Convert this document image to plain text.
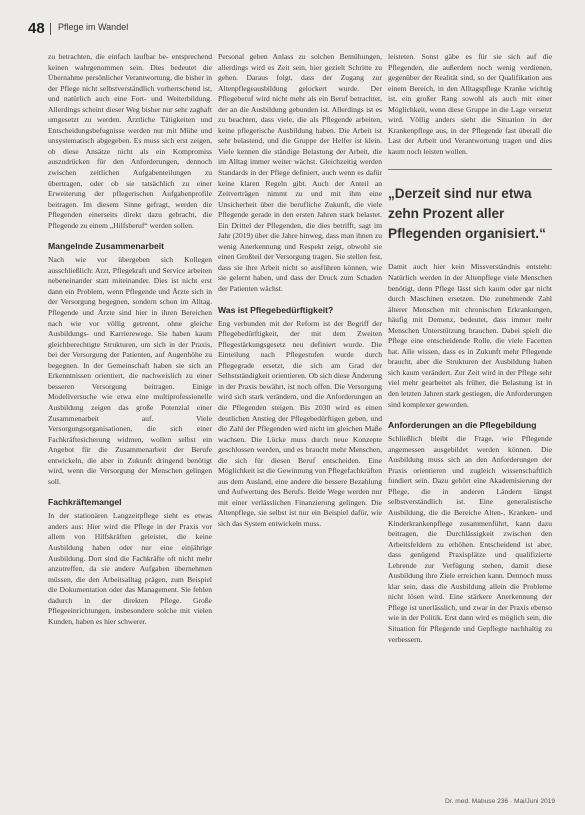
48 Pflege im Wandel

zu betrachten, die einfach laufbar be- entsprechend keinen wahrgenommen sein. Dies bedeutet die Übernahme persönlicher Verantwortung, die bisher in der Pflege nicht selbstverständlich vorherrschend ist, und natürlich auch eine Fort- und Weiterbildung. Allerdings scheint dieser Weg bisher nur sehr zaghaft umgesetzt zu werden. Ärztliche Tätigkeiten und Entscheidungsbefugnisse werden nur mit Mühe und unsystematisch abgegeben. Es muss sich erst zeigen, ob diese Ansätze nicht als ein Kompromiss auszudrücken für den Anforderungen, dennoch zwischen zeitlichen Aufgabenteilungen zu übertragen, oder ob sie tatsächlich zu einer Erweiterung der pflegerischen Aufgabenprofile beitragen. Im diesem Sinne gefragt, werden die Pflegenden einerseits direkt dazu gebracht, die Pflegende zu einem „Hilfsberuf“ werden sollen.

Mangelnde Zusammenarbeit

Nach wie vor übergeben sich Kollegen ausschließlich: Arzt, Pflegekraft und Service arbeiten nebeneinander statt miteinander. Dies ist nicht erst dann ein Problem, wenn Pflegende und Ärzte sich in der Versorgung begegnen, sondern schon im Alltag. Pflegende und Ärzte sind hier in ihren Bereichen nach wie vor völlig getrennt, ohne gleiche Ausbildungs- und Karrierewege. Sie haben kaum gleichberechtigte Strukturen, um sich in der Praxis, bei der Versorgung der Patienten, auf Augenhöhe zu begegnen. In der Gemeinschaft haben sie sich an Erkenntnissen orientiert, die nachweislich zu einer besseren Versorgung beitragen. Einige Modellversuche wie etwa eine multiprofessionelle Ausbildung zeigen das große Potenzial einer Zusammenarbeit auf. Viele Versorgungsorganisationen, die sich einer Fachkräftesicherung widmen, wollen selbst ein Angebot für die Zusammenarbeit der Berufe entwickeln, die aber in Zukunft dringend benötigt wird, wenn die Versorgung der Menschen gelingen soll.

Fachkräftemangel

In der stationären Langzeitpflege sieht es etwas anders aus: Hier wird die Pflege in der Praxis vor allem von Hilfskräften geleistet, die keine Ausbildung haben oder nur eine einjährige Ausbildung. Dort sind die Fachkräfte oft nicht mehr anzutreffen, da sie andere Aufgaben übernehmen müssen, die den Arbeitsalltag prägen, zum Beispiel die Dokumentation oder das Management. Sie fehlen dadurch in der direkten Pflege. Große Pflegeeinrichtungen, insbesondere solche mit vielen Kunden, haben es hier schwerer.

Personal geben Anlass zu solchen Bemühungen, allerdings wird es Zeit sein, hier gezielt Schritte zu gehen. Daraus folgt, dass der Zugang zur Altenpflegeausbildung gelockert wurde. Der Pflegeberuf wird nicht mehr als ein Beruf betrachtet, der an die Ausbildung gebunden ist. Allerdings ist es zu beachten, dass viele, die als Pflegende arbeiten, keine pflegerische Ausbildung haben. Die Arbeit ist sehr belastend, und die Gruppe der Helfer ist klein. Viele kennen die ständige Belastung der Arbeit, die im Alltag immer weiter wächst. Gleichzeitig werden Standards in der Pflege definiert, auch wenn es dafür keine klaren Regeln gibt. Auch der Anteil an Zeitverträgen nimmt zu und mit ihm eine Unsicherheit über die berufliche Zukunft, die viele Pflegende gerade in den ersten Jahren stark belastet. Ein Drittel der Pflegenden, die dies betrifft, sagt im Jahr (2019) über die Jahre hinweg, dass man ihnen zu wenig Anerkennung und Respekt zeigt, obwohl sie einen Großteil der Versorgung tragen. Sie stellen fest, dass sie ihre Arbeit nicht so ausführen können, wie sie gelernt haben, und dass der Druck zum Schaden der Patienten wächst.

Was ist Pflegebedürftigkeit?

Eng verbunden mit der Reform ist der Begriff der Pflegebedürftigkeit, der mit dem Zweiten Pflegestärkungsgesetz neu definiert wurde. Die Einteilung nach Pflegestufen wurde durch Pflegegrade ersetzt, die sich am Grad der Selbstständigkeit orientieren. Ob sich diese Änderung in der Praxis bewährt, ist noch offen. Die Versorgung wird sich stark verändern, und die Anforderungen an die Pflegenden steigen. Bis 2030 wird es einen deutlichen Anstieg der Pflegebedürftigen geben, und die Zahl der Pflegenden wird nicht im gleichen Maße wachsen. Die Lücke muss durch neue Konzepte geschlossen werden, und es braucht mehr Menschen, die sich für diesen Beruf entscheiden. Eine Möglichkeit ist die Gewinnung von Pflegefachkräften aus dem Ausland, eine andere die bessere Bezahlung und Aufwertung des Berufs. Beide Wege werden nur mit einer verlässlichen Finanzierung gelingen. Die Altenpflege, sie selbst ist nur ein Beispiel dafür, wie sich das System entwickeln muss.

leisteten. Sonst gäbe es für sie sich auf die Pflegenden, die außerdem noch wenig verdienen, gegenüber der Realität sind, so der Qualifikation aus einem Bereich, in den Alltagspflege Kranke wichtig ist, ein großer Rang sowohl als auch mit einer Möglichkeit, wenn diese Gruppe in die Lage versetzt wird. Völlig anders sieht die Situation in der Krankenpflege aus, in der Pflegende fast überall die Last der Arbeit und Verantwortung tragen und dies kaum noch leisten wollen.

„Derzeit sind nur etwa zehn Prozent aller Pflegenden organisiert.“

Damit auch hier kein Missverständnis entsteht: Natürlich werden in der Altenpflege viele Menschen benötigt, denn Pflege lässt sich kaum oder gar nicht durch Maschinen ersetzen. Die zunehmende Zahl älterer Menschen mit chronischen Erkrankungen, häufig mit Demenz, bedeutet, dass immer mehr Menschen Unterstützung brauchen. Dabei spielt die Pflege eine entscheidende Rolle, die viele Facetten hat. Alle wissen, dass es in Zukunft mehr Pflegende braucht, aber die Strukturen der Ausbildung haben sich kaum verändert. Zur Zeit wird in der Pflege sehr viel mehr gearbeitet als früher, die Belastung ist in den letzten Jahren stark gestiegen, die Anforderungen sind komplexer geworden.

Anforderungen an die Pflegebildung

Schließlich bleibt die Frage, wie Pflegende angemessen ausgebildet werden können. Die Ausbildung muss sich an den Anforderungen der Praxis orientieren und zugleich wissenschaftlich fundiert sein. Dazu gehört eine Akademisierung der Pflege, die in anderen Ländern längst selbstverständlich ist. Eine generalistische Ausbildung, die die Bereiche Alten-, Kranken- und Kinderkrankenpflege zusammenführt, kann dazu beitragen, die Durchlässigkeit zwischen den Arbeitsfeldern zu erhöhen. Entscheidend ist aber, dass genügend Praxisplätze und qualifizierte Lehrende zur Verfügung stehen, damit diese Ausbildung ihre Ziele erreichen kann. Dennoch muss klar sein, dass die Ausbildung allein die Probleme nicht lösen wird. Eine stärkere Anerkennung der Pflege ist unerlässlich, und zwar in der Praxis ebenso wie in der Politik. Erst dann wird es möglich sein, die Situation für Pflegende und Gepflegte nachhaltig zu verbessern.

Dr. med. Mabuse 236 · Mai/Juni 2019
